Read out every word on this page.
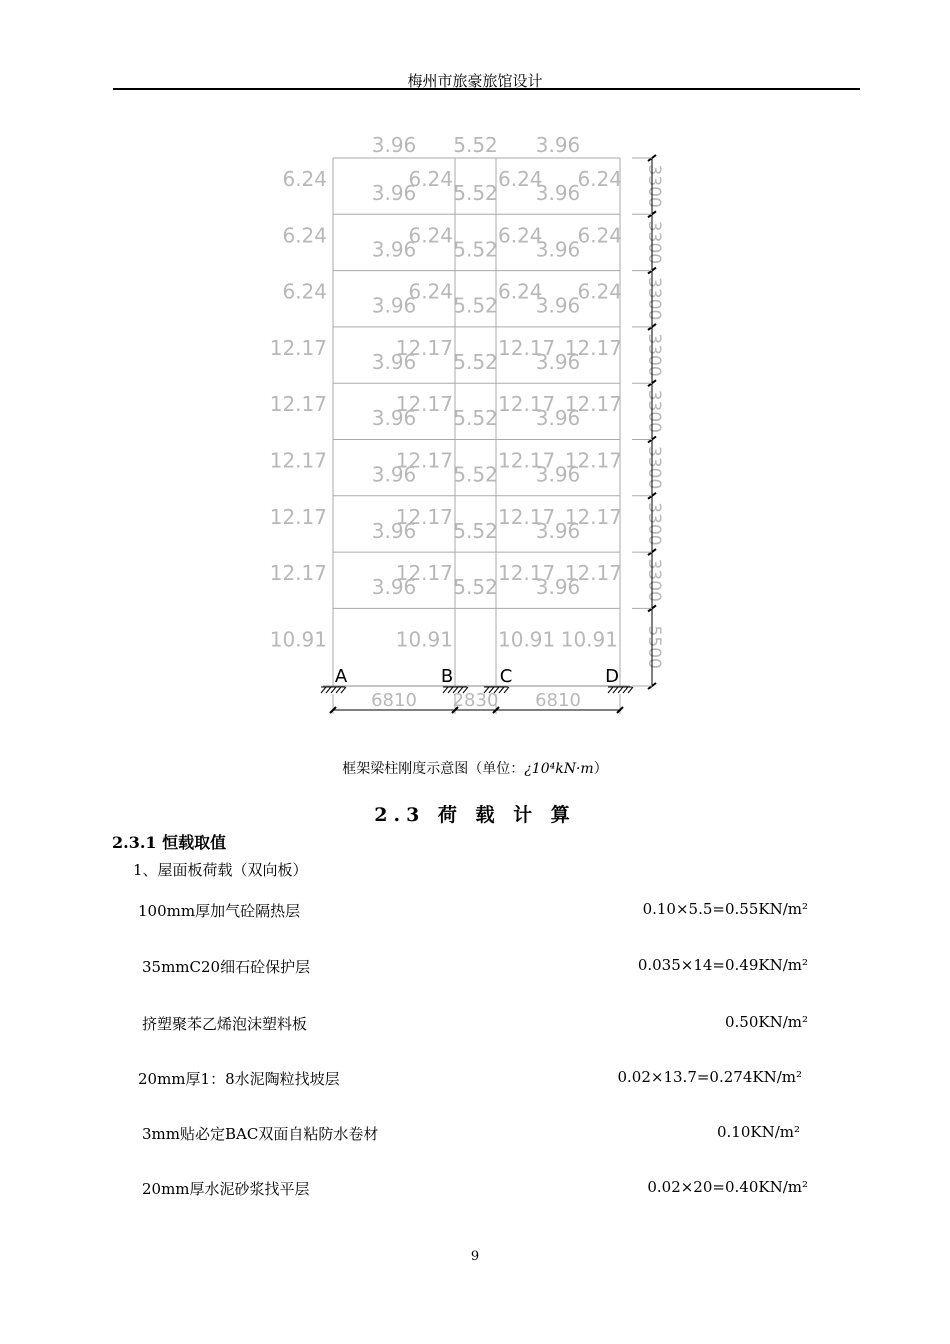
梅州市旅豪旅馆设计
3.96 5.52 3.96
6.24
3.96
6.24
5.52
6.24
3.96
6.24 3300
6.24
3.96
6.24
5.52
6.24
3.96
6.24 3300
6.24
3.96
6.24
5.52
6.24
3.96
6.24 3300
12.17
3.96
12.17
5.52
12.17
3.96
12.17 3300
12.17
3.96
12.17
5.52
12.17
3.96
12.17 3300
12.17
3.96
12.17
5.52
12.17
3.96
12.17 3300
12.17
3.96
12.17
5.52
12.17
3.96
12.17 3300
12.17
3.96
12.17
5.52
12.17
3.96
12.17 3300
10.91	10.91 10.91 10.91 5500
A	B	C	D
6810 2830 6810
框架梁柱刚度示意图（单位：¿10⁴kN·m）
2.3 荷 载 计 算
2.3.1 恒载取值
1、屋面板荷载（双向板）
100mm厚加气砼隔热层	0.10×5.5=0.55KN/m²
35mmC20细石砼保护层	0.035×14=0.49KN/m²
挤塑聚苯乙烯泡沫塑料板	0.50KN/m²
20mm厚1：8水泥陶粒找坡层	0.02×13.7=0.274KN/m²
3mm贴必定BAC双面自粘防水卷材	0.10KN/m²
20mm厚水泥砂浆找平层	0.02×20=0.40KN/m²
9
